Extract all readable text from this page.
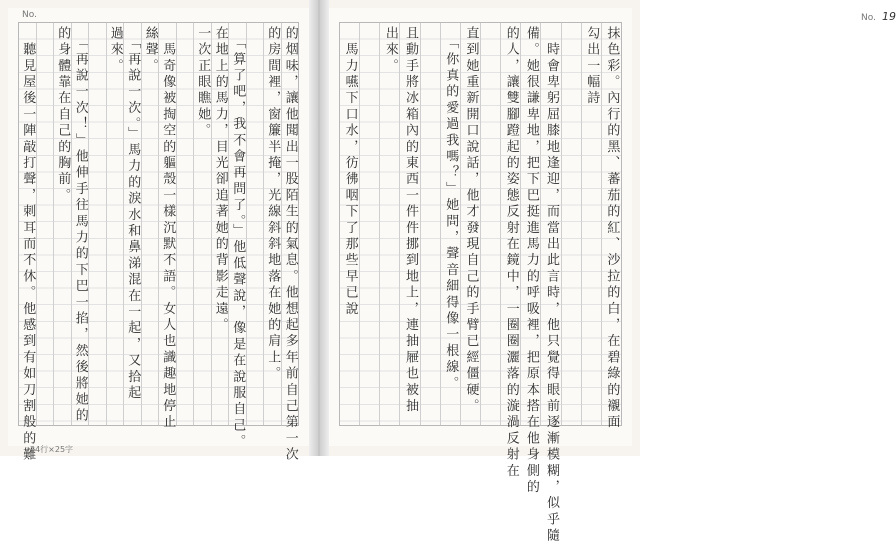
No.
的烟味，讓他聞出一股陌生的氣息。他想起多年前自己第一次
的房間裡，窗簾半掩，光線斜斜地落在她的肩上。
　「算了吧，我不會再問了。」他低聲說，像是在說服自己。
在地上的馬力，目光卻追著她的背影走遠。
一次正眼瞧她。
　馬奇像被掏空的軀殼一樣沉默不語。女人也識趣地停止
絲聲。
　「再說一次。」馬力的淚水和鼻涕混在一起，又拾起
過來。
　「再說一次！」他伸手往馬力的下巴一掐，然後將她的
的身體靠在自己的胸前。
　聽見屋後一陣敲打聲，刺耳而不休。他感到有如刀割般的難
No. 19
抹色彩。內行的黑、蕃茄的紅、沙拉的白，在碧綠的襯面
勾出一幅詩
　時會卑躬屈膝地逢迎，而當出此言時，他只覺得眼前逐漸模糊，似乎隨
備。她很謙卑地，把下巴挺進馬力的呼吸裡，把原本搭在他身側的
的人，讓雙腳蹬起的姿態反射在鏡中，一圈圈灑落的漩渦反射在
直到她重新開口說話，他才發現自己的手臂已經僵硬。
　「你真的愛過我嗎？」她問，聲音細得像一根線。
且動手將冰箱內的東西一件件挪到地上，連抽屜也被抽
出來。
　馬力嚥下口水，彷彿咽下了那些早已說
24行×25字
